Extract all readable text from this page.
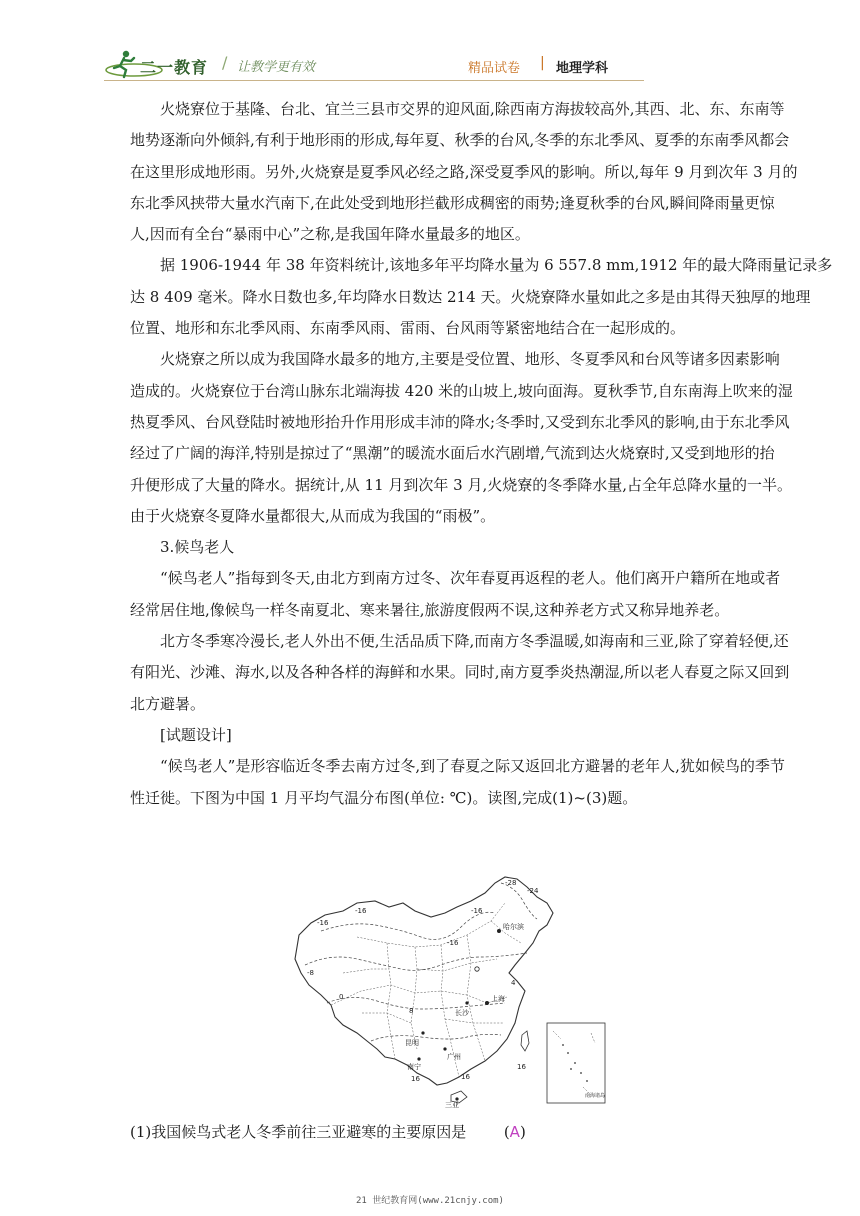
二一教育 / 让教学更有效	精品试卷 | 地理学科

火烧寮位于基隆、台北、宜兰三县市交界的迎风面,除西南方海拔较高外,其西、北、东、东南等
地势逐渐向外倾斜,有利于地形雨的形成,每年夏、秋季的台风,冬季的东北季风、夏季的东南季风都会
在这里形成地形雨。另外,火烧寮是夏季风必经之路,深受夏季风的影响。所以,每年 9 月到次年 3 月的
东北季风挟带大量水汽南下,在此处受到地形拦截形成稠密的雨势;逢夏秋季的台风,瞬间降雨量更惊
人,因而有全台“暴雨中心”之称,是我国年降水量最多的地区。

据 1906-1944 年 38 年资料统计,该地多年平均降水量为 6 557.8 mm,1912 年的最大降雨量记录多
达 8 409 毫米。降水日数也多,年均降水日数达 214 天。火烧寮降水量如此之多是由其得天独厚的地理
位置、地形和东北季风雨、东南季风雨、雷雨、台风雨等紧密地结合在一起形成的。

火烧寮之所以成为我国降水最多的地方,主要是受位置、地形、冬夏季风和台风等诸多因素影响
造成的。火烧寮位于台湾山脉东北端海拔 420 米的山坡上,坡向面海。夏秋季节,自东南海上吹来的湿
热夏季风、台风登陆时被地形抬升作用形成丰沛的降水;冬季时,又受到东北季风的影响,由于东北季风
经过了广阔的海洋,特别是掠过了“黑潮”的暖流水面后水汽剧增,气流到达火烧寮时,又受到地形的抬
升便形成了大量的降水。据统计,从 11 月到次年 3 月,火烧寮的冬季降水量,占全年总降水量的一半。
由于火烧寮冬夏降水量都很大,从而成为我国的“雨极”。

3.候鸟老人

“候鸟老人”指每到冬天,由北方到南方过冬、次年春夏再返程的老人。他们离开户籍所在地或者
经常居住地,像候鸟一样冬南夏北、寒来暑往,旅游度假两不误,这种养老方式又称异地养老。

北方冬季寒冷漫长,老人外出不便,生活品质下降,而南方冬季温暖,如海南和三亚,除了穿着轻便,还
有阳光、沙滩、海水,以及各种各样的海鲜和水果。同时,南方夏季炎热潮湿,所以老人春夏之际又回到
北方避暑。

[试题设计]

“候鸟老人”是形容临近冬季去南方过冬,到了春夏之际又返回北方避暑的老年人,犹如候鸟的季节
性迁徙。下图为中国 1 月平均气温分布图(单位: ℃)。读图,完成(1)~(3)题。

-28
-24
-16
-16
-16
-16
-8
0
8
16	16
16
4
哈尔滨
上海
长沙
昆明
南宁
广州
三亚
南海诸岛
(1)我国候鸟式老人冬季前往三亚避寒的主要原因是	(A)
21 世纪教育网(www.21cnjy.com)
